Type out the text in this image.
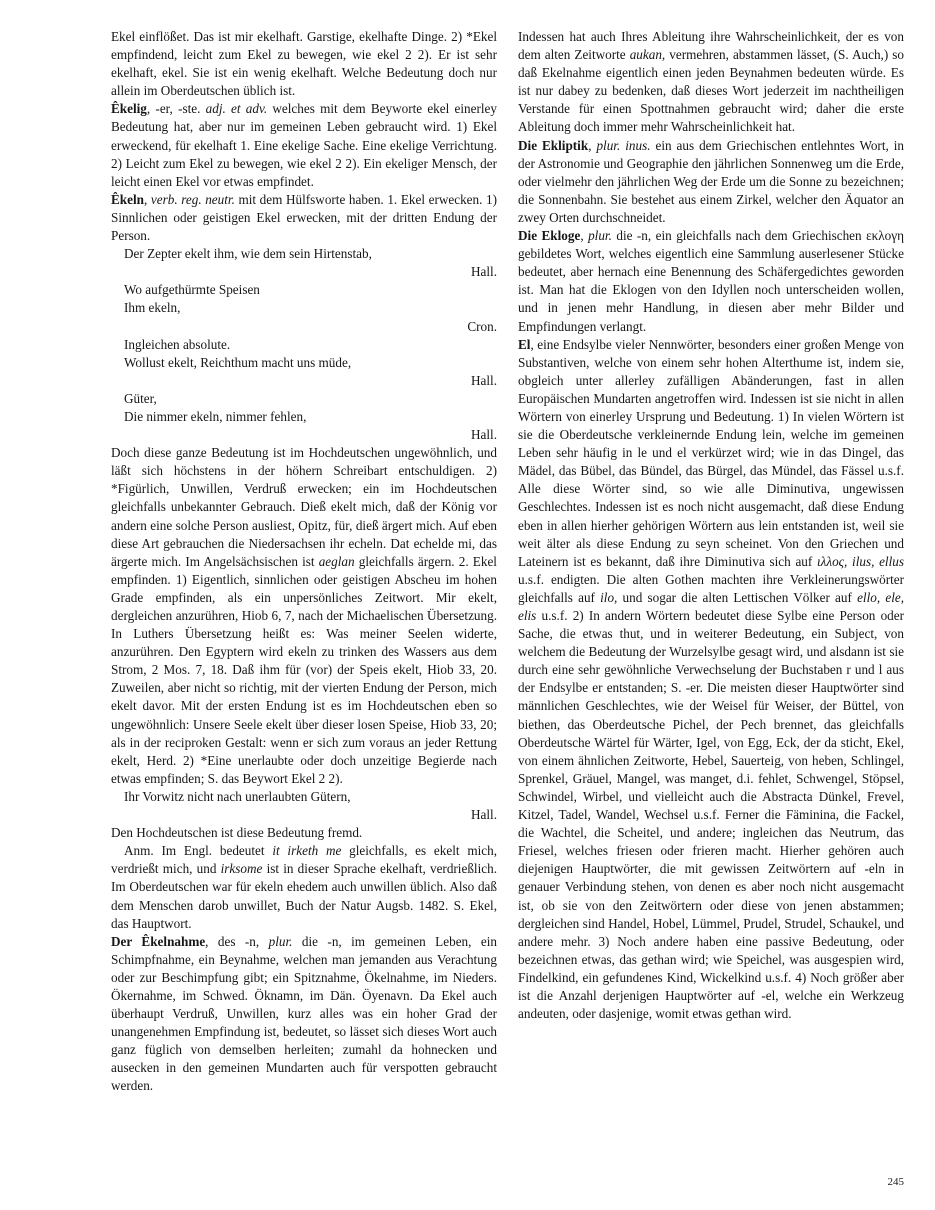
Ekel einflößet. Das ist mir ekelhaft. Garstige, ekelhafte Dinge. 2) *Ekel empfindend, leicht zum Ekel zu bewegen, wie ekel 2 2). Er ist sehr ekelhaft, ekel. Sie ist ein wenig ekelhaft. Welche Bedeutung doch nur allein im Oberdeutschen üblich ist.

Êkelig, -er, -ste. adj. et adv. welches mit dem Beyworte ekel einerley Bedeutung hat, aber nur im gemeinen Leben gebraucht wird. 1) Ekel erweckend, für ekelhaft 1. Eine ekelige Sache. Eine ekelige Verrichtung. 2) Leicht zum Ekel zu bewegen, wie ekel 2 2). Ein ekeliger Mensch, der leicht einen Ekel vor etwas empfindet.

Êkeln, verb. reg. neutr. mit dem Hülfsworte haben. 1. Ekel erwecken. 1) Sinnlichen oder geistigen Ekel erwecken, mit der dritten Endung der Person.

Der Zepter ekelt ihm, wie dem sein Hirtenstab,

Hall.

Wo aufgethürmte Speisen

Ihm ekeln,

Cron.

Ingleichen absolute.

Wollust ekelt, Reichthum macht uns müde,

Hall.

Güter,

Die nimmer ekeln, nimmer fehlen,

Hall.

Doch diese ganze Bedeutung ist im Hochdeutschen ungewöhnlich, und läßt sich höchstens in der höhern Schreibart entschuldigen. 2) *Figürlich, Unwillen, Verdruß erwecken; ein im Hochdeutschen gleichfalls unbekannter Gebrauch. Dieß ekelt mich, daß der König vor andern eine solche Person ausliest, Opitz, für, dieß ärgert mich. Auf eben diese Art gebrauchen die Niedersachsen ihr echeln. Dat echelde mi, das ärgerte mich. Im Angelsächsischen ist aeglan gleichfalls ärgern. 2. Ekel empfinden. 1) Eigentlich, sinnlichen oder geistigen Abscheu im hohen Grade empfinden, als ein unpersönliches Zeitwort. Mir ekelt, dergleichen anzurühren, Hiob 6, 7, nach der Michaelischen Übersetzung. In Luthers Übersetzung heißt es: Was meiner Seelen widerte, anzurühren. Den Egyptern wird ekeln zu trinken des Wassers aus dem Strom, 2 Mos. 7, 18. Daß ihm für (vor) der Speis ekelt, Hiob 33, 20. Zuweilen, aber nicht so richtig, mit der vierten Endung der Person, mich ekelt davor. Mit der ersten Endung ist es im Hochdeutschen eben so ungewöhnlich: Unsere Seele ekelt über dieser losen Speise, Hiob 33, 20; als in der reciproken Gestalt: wenn er sich zum voraus an jeder Rettung ekelt, Herd. 2) *Eine unerlaubte oder doch unzeitige Begierde nach etwas empfinden; S. das Beywort Ekel 2 2).

Ihr Vorwitz nicht nach unerlaubten Gütern,

Hall.

Den Hochdeutschen ist diese Bedeutung fremd.

Anm. Im Engl. bedeutet it irketh me gleichfalls, es ekelt mich, verdrießt mich, und irksome ist in dieser Sprache ekelhaft, verdrießlich. Im Oberdeutschen war für ekeln ehedem auch unwillen üblich. Also daß dem Menschen darob unwillet, Buch der Natur Augsb. 1482. S. Ekel, das Hauptwort.

Der Êkelnahme, des -n, plur. die -n, im gemeinen Leben, ein Schimpfnahme, ein Beynahme, welchen man jemanden aus Verachtung oder zur Beschimpfung gibt; ein Spitznahme, Ökelnahme, im Nieders. Ökernahme, im Schwed. Öknamn, im Dän. Öyenavn. Da Ekel auch überhaupt Verdruß, Unwillen, kurz alles was ein hoher Grad der unangenehmen Empfindung ist, bedeutet, so lässet sich dieses Wort auch ganz füglich von demselben herleiten; zumahl da hohnecken und ausecken in den gemeinen Mundarten auch für verspotten gebraucht werden.

Indessen hat auch Ihres Ableitung ihre Wahrscheinlichkeit, der es von dem alten Zeitworte aukan, vermehren, abstammen lässet, (S. Auch,) so daß Ekelnahme eigentlich einen jeden Beynahmen bedeuten würde. Es ist nur dabey zu bedenken, daß dieses Wort jederzeit im nachtheiligen Verstande für einen Spottnahmen gebraucht wird; daher die erste Ableitung doch immer mehr Wahrscheinlichkeit hat.

Die Ekliptik, plur. inus. ein aus dem Griechischen entlehntes Wort, in der Astronomie und Geographie den jährlichen Sonnenweg um die Erde, oder vielmehr den jährlichen Weg der Erde um die Sonne zu bezeichnen; die Sonnenbahn. Sie bestehet aus einem Zirkel, welcher den Äquator an zwey Orten durchschneidet.

Die Ekloge, plur. die -n, ein gleichfalls nach dem Griechischen εκλογη gebildetes Wort, welches eigentlich eine Sammlung auserlesener Stücke bedeutet, aber hernach eine Benennung des Schäfergedichtes geworden ist. Man hat die Eklogen von den Idyllen noch unterscheiden wollen, und in jenen mehr Handlung, in diesen aber mehr Bilder und Empfindungen verlangt.

El, eine Endsylbe vieler Nennwörter, besonders einer großen Menge von Substantiven, welche von einem sehr hohen Alterthume ist, indem sie, obgleich unter allerley zufälligen Abänderungen, fast in allen Europäischen Mundarten angetroffen wird. Indessen ist sie nicht in allen Wörtern von einerley Ursprung und Bedeutung. 1) In vielen Wörtern ist sie die Oberdeutsche verkleinernde Endung lein, welche im gemeinen Leben sehr häufig in le und el verkürzet wird; wie in das Dingel, das Mädel, das Bübel, das Bündel, das Bürgel, das Mündel, das Fässel u.s.f. Alle diese Wörter sind, so wie alle Diminutiva, ungewissen Geschlechtes. Indessen ist es noch nicht ausgemacht, daß diese Endung eben in allen hierher gehörigen Wörtern aus lein entstanden ist, weil sie weit älter als diese Endung zu seyn scheinet. Von den Griechen und Lateinern ist es bekannt, daß ihre Diminutiva sich auf ιλλος, ilus, ellus u.s.f. endigten. Die alten Gothen machten ihre Verkleinerungswörter gleichfalls auf ilo, und sogar die alten Lettischen Völker auf ello, ele, elis u.s.f. 2) In andern Wörtern bedeutet diese Sylbe eine Person oder Sache, die etwas thut, und in weiterer Bedeutung, ein Subject, von welchem die Bedeutung der Wurzelsylbe gesagt wird, und alsdann ist sie durch eine sehr gewöhnliche Verwechselung der Buchstaben r und l aus der Endsylbe er entstanden; S. -er. Die meisten dieser Hauptwörter sind männlichen Geschlechtes, wie der Weisel für Weiser, der Büttel, von biethen, das Oberdeutsche Pichel, der Pech brennet, das gleichfalls Oberdeutsche Wärtel für Wärter, Igel, von Egg, Eck, der da sticht, Ekel, von einem ähnlichen Zeitworte, Hebel, Sauerteig, von heben, Schlingel, Sprenkel, Gräuel, Mangel, was manget, d.i. fehlet, Schwengel, Stöpsel, Schwindel, Wirbel, und vielleicht auch die Abstracta Dünkel, Frevel, Kitzel, Tadel, Wandel, Wechsel u.s.f. Ferner die Fäminina, die Fackel, die Wachtel, die Scheitel, und andere; ingleichen das Neutrum, das Friesel, welches friesen oder frieren macht. Hierher gehören auch diejenigen Hauptwörter, die mit gewissen Zeitwörtern auf -eln in genauer Verbindung stehen, von denen es aber noch nicht ausgemacht ist, ob sie von den Zeitwörtern oder diese von jenen abstammen; dergleichen sind Handel, Hobel, Lümmel, Prudel, Strudel, Schaukel, und andere mehr. 3) Noch andere haben eine passive Bedeutung, oder bezeichnen etwas, das gethan wird; wie Speichel, was ausgespien wird, Findelkind, ein gefundenes Kind, Wickelkind u.s.f. 4) Noch größer aber ist die Anzahl derjenigen Hauptwörter auf -el, welche ein Werkzeug andeuten, oder dasjenige, womit etwas gethan wird.

245
